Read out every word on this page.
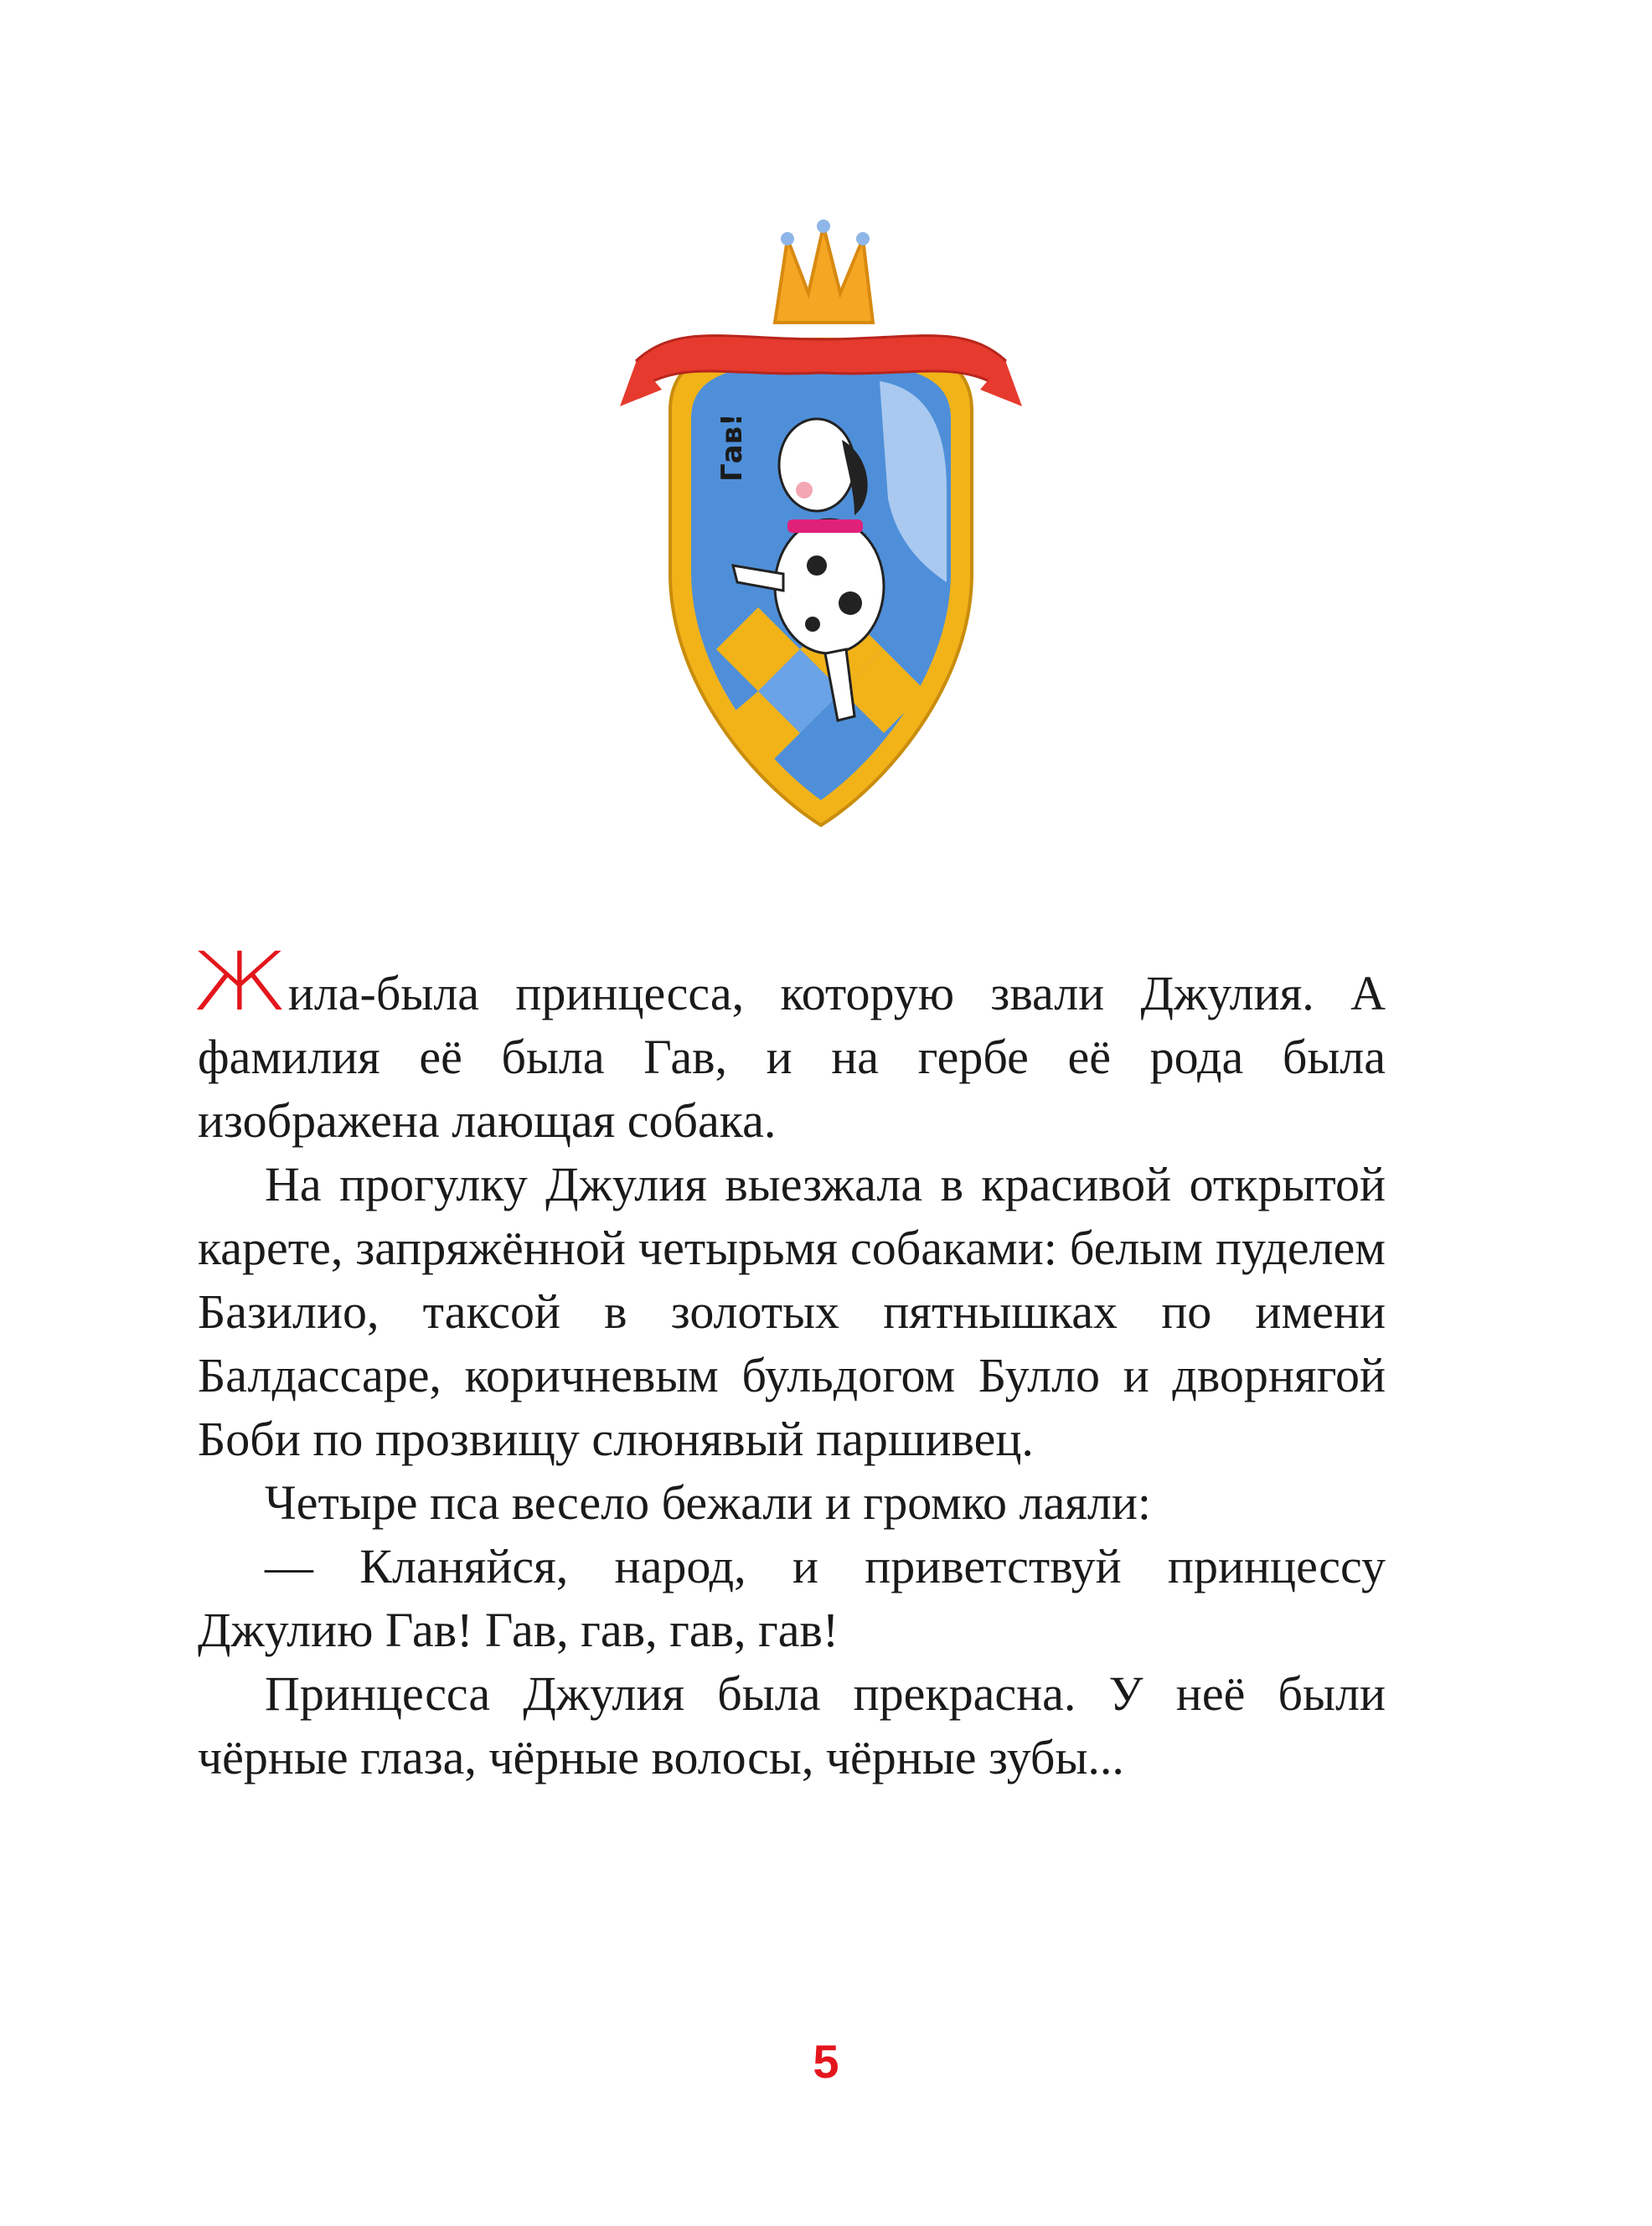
Гав!

Жила-была принцесса, которую звали Джулия. А фамилия её была Гав, и на гербе её рода была изображена лающая собака.

На прогулку Джулия выезжала в красивой открытой карете, запряжённой четырьмя собаками: белым пуделем Базилио, таксой в золотых пятнышках по имени Балдассаре, коричневым бульдогом Булло и дворнягой Боби по прозвищу слюнявый паршивец.

Четыре пса весело бежали и громко лаяли:

— Кланяйся, народ, и приветствуй принцессу Джулию Гав! Гав, гав, гав, гав!

Принцесса Джулия была прекрасна. У неё были чёрные глаза, чёрные волосы, чёрные зубы...

5
